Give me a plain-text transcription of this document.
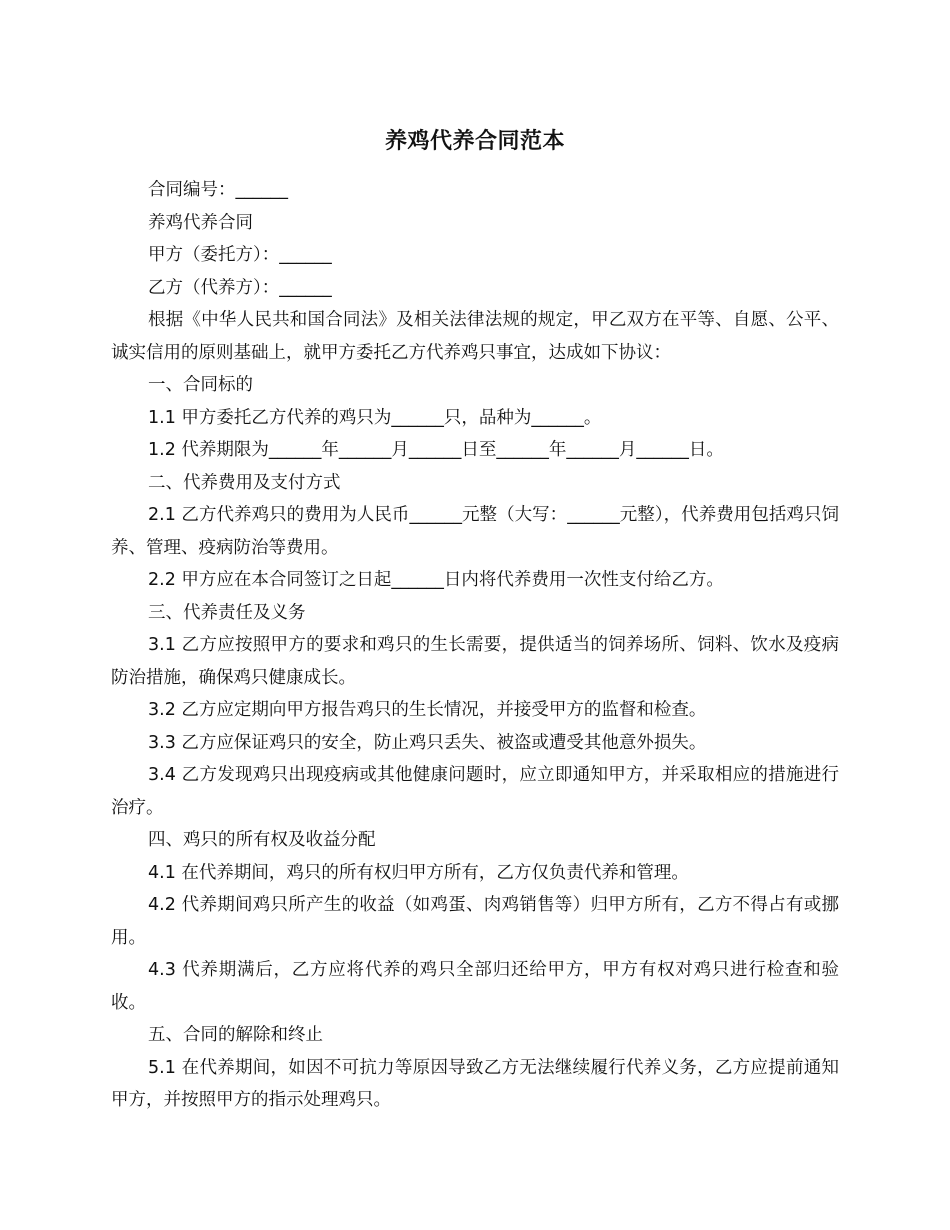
养鸡代养合同范本

合同编号：______

养鸡代养合同

甲方（委托方）：______

乙方（代养方）：______

根据《中华人民共和国合同法》及相关法律法规的规定，甲乙双方在平等、自愿、公平、诚实信用的原则基础上，就甲方委托乙方代养鸡只事宜，达成如下协议：

一、合同标的

1.1 甲方委托乙方代养的鸡只为______只，品种为______。

1.2 代养期限为______年______月______日至______年______月______日。

二、代养费用及支付方式

2.1 乙方代养鸡只的费用为人民币______元整（大写：______元整），代养费用包括鸡只饲养、管理、疫病防治等费用。

2.2 甲方应在本合同签订之日起______日内将代养费用一次性支付给乙方。

三、代养责任及义务

3.1 乙方应按照甲方的要求和鸡只的生长需要，提供适当的饲养场所、饲料、饮水及疫病防治措施，确保鸡只健康成长。

3.2 乙方应定期向甲方报告鸡只的生长情况，并接受甲方的监督和检查。

3.3 乙方应保证鸡只的安全，防止鸡只丢失、被盗或遭受其他意外损失。

3.4 乙方发现鸡只出现疫病或其他健康问题时，应立即通知甲方，并采取相应的措施进行治疗。

四、鸡只的所有权及收益分配

4.1 在代养期间，鸡只的所有权归甲方所有，乙方仅负责代养和管理。

4.2 代养期间鸡只所产生的收益（如鸡蛋、肉鸡销售等）归甲方所有，乙方不得占有或挪用。

4.3 代养期满后，乙方应将代养的鸡只全部归还给甲方，甲方有权对鸡只进行检查和验收。

五、合同的解除和终止

5.1 在代养期间，如因不可抗力等原因导致乙方无法继续履行代养义务，乙方应提前通知甲方，并按照甲方的指示处理鸡只。
